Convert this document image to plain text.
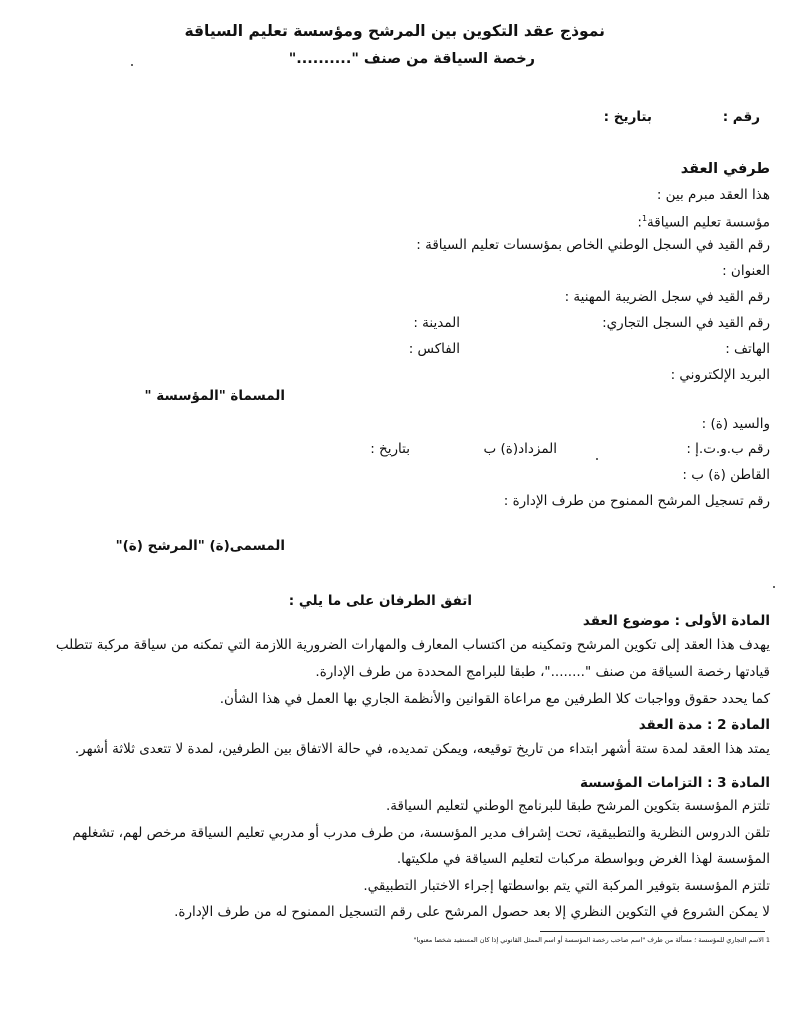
نموذج عقد التكوين بين المرشح ومؤسسة تعليم السياقة
رخصة السياقة من صنف ".........."
رقم :
بتاريخ :
طرفي العقد
هذا العقد مبرم بين :
مؤسسة تعليم السياقة$^1$:
رقم القيد في السجل الوطني الخاص بمؤسسات تعليم السياقة :
العنوان :
رقم القيد في سجل الضريبة المهنية :
رقم القيد في السجل التجاري:
المدينة :
الهاتف :
الفاكس :
البريد الإلكتروني :
المسماة "المؤسسة "
والسيد (ة) :
رقم ب.و.ت.إ :
المزداد(ة) ب
بتاريخ :
القاطن (ة) ب :
رقم تسجيل المرشح الممنوح من طرف الإدارة :
المسمى(ة) "المرشح (ة)"
اتفق الطرفان على ما يلي :
المادة الأولى : موضوع العقد
يهدف هذا العقد إلى تكوين المرشح وتمكينه من اكتساب المعارف والمهارات الضرورية اللازمة التي تمكنه من سياقة مركبة تتطلب
قيادتها رخصة السياقة من صنف "........"، طبقا للبرامج المحددة من طرف الإدارة.
كما يحدد حقوق وواجبات كلا الطرفين مع مراعاة القوانين والأنظمة الجاري بها العمل في هذا الشأن.
المادة 2 : مدة العقد
يمتد هذا العقد لمدة ستة أشهر ابتداء من تاريخ توقيعه، ويمكن تمديده، في حالة الاتفاق بين الطرفين، لمدة لا تتعدى ثلاثة أشهر.
المادة 3 : التزامات المؤسسة
تلتزم المؤسسة بتكوين المرشح طبقا للبرنامج الوطني لتعليم السياقة.
تلقن الدروس النظرية والتطبيقية، تحت إشراف مدير المؤسسة، من طرف مدرب أو مدربي تعليم السياقة مرخص لهم، تشغلهم
المؤسسة لهذا الغرض وبواسطة مركبات لتعليم السياقة في ملكيتها.
تلتزم المؤسسة بتوفير المركبة التي يتم بواسطتها إجراء الاختبار التطبيقي.
لا يمكن الشروع في التكوين النظري إلا بعد حصول المرشح على رقم التسجيل الممنوح له من طرف الإدارة.
1 الاسم التجاري للمؤسسة ؛ مسألة من طرف "اسم صاحب رخصة المؤسسة أو اسم الممثل القانوني إذا كان المستفيد شخصا معنويا"
